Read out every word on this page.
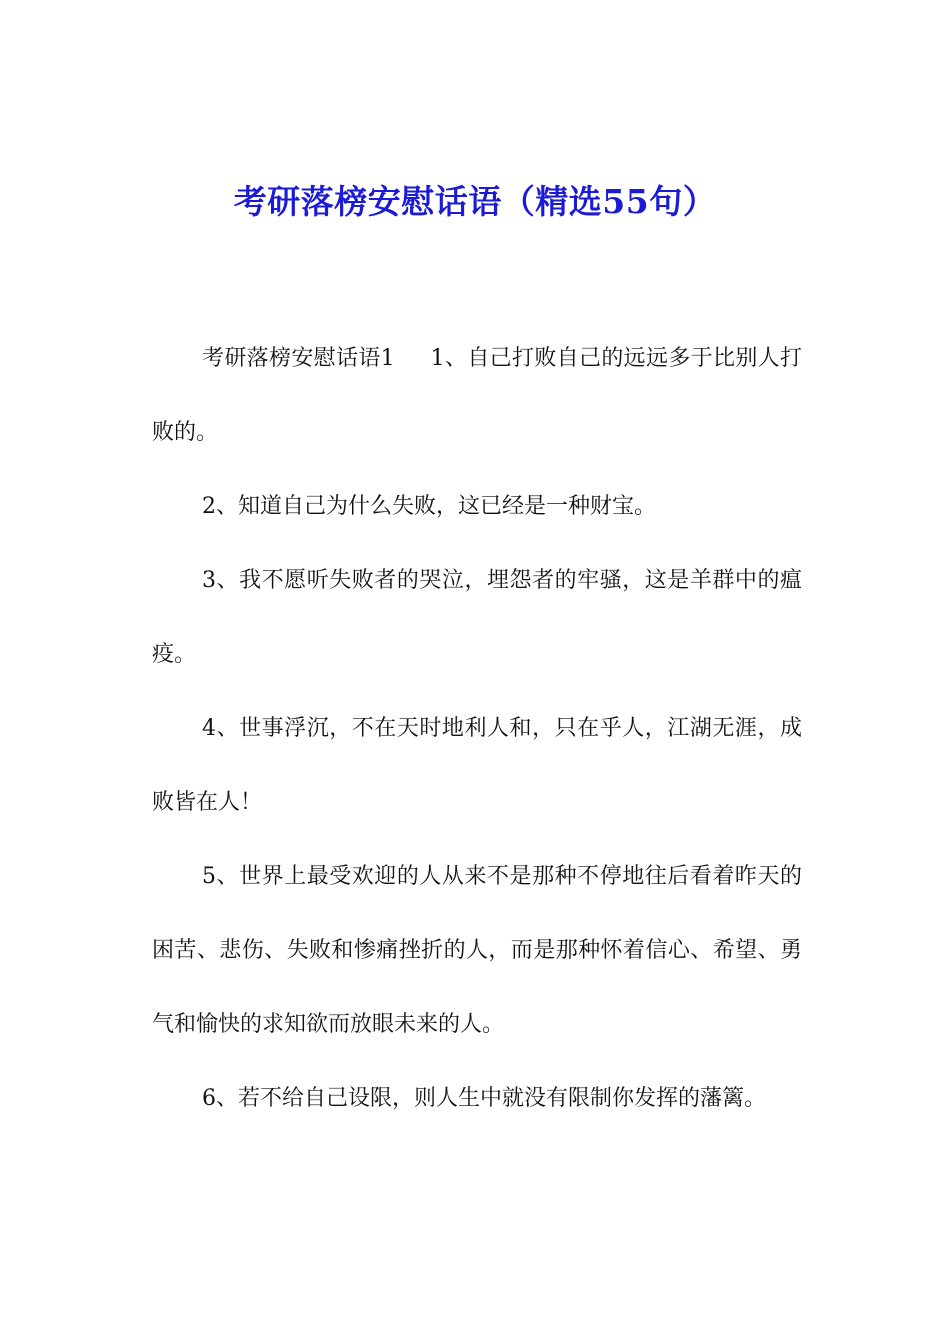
考研落榜安慰话语（精选55句）

考研落榜安慰话语1 1、自己打败自己的远远多于比别人打败的。

2、知道自己为什么失败，这已经是一种财宝。

3、我不愿听失败者的哭泣，埋怨者的牢骚，这是羊群中的瘟疫。

4、世事浮沉，不在天时地利人和，只在乎人，江湖无涯，成败皆在人！

5、世界上最受欢迎的人从来不是那种不停地往后看着昨天的困苦、悲伤、失败和惨痛挫折的人，而是那种怀着信心、希望、勇气和愉快的求知欲而放眼未来的人。

6、若不给自己设限，则人生中就没有限制你发挥的藩篱。
